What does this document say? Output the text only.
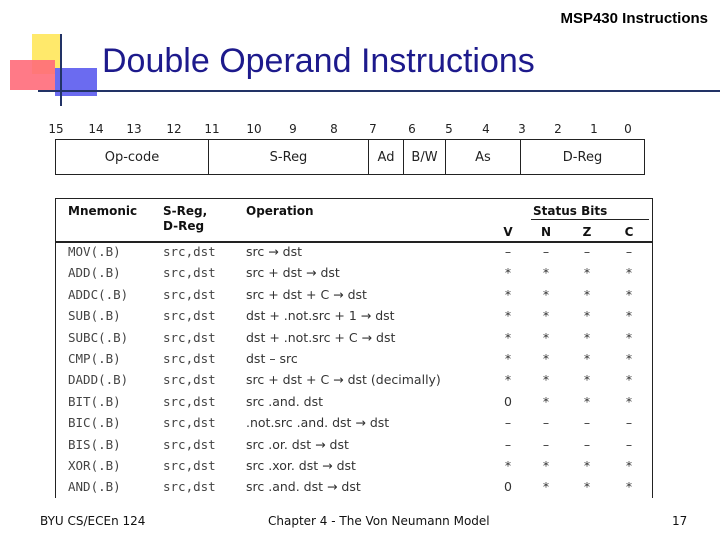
MSP430 Instructions
Double Operand Instructions
15	14	13	12	11	10	9	8	7	6	5	4	3	2	1	0
Op-code	S-Reg	Ad	B/W	As	D-Reg
Mnemonic S-Reg,
D-Reg
Operation	Status Bits
V	N	Z	C
MOV(.B)	src,dst src → dst	–	–	–	–
ADD(.B)	src,dst src + dst → dst	*	*	*	*
ADDC(.B)	src,dst src + dst + C → dst	*	*	*	*
SUB(.B)	src,dst dst + .not.src + 1 → dst	*	*	*	*
SUBC(.B)	src,dst dst + .not.src + C → dst	*	*	*	*
CMP(.B)	src,dst dst – src	*	*	*	*
DADD(.B)	src,dst src + dst + C → dst (decimally)	*	*	*	*
BIT(.B)	src,dst src .and. dst	0	*	*	*
BIC(.B)	src,dst .not.src .and. dst → dst	–	–	–	–
BIS(.B)	src,dst src .or. dst → dst	–	–	–	–
XOR(.B)	src,dst src .xor. dst → dst	*	*	*	*
AND(.B)	src,dst src .and. dst → dst	0	*	*	*
BYU CS/ECEn 124	Chapter 4 - The Von Neumann Model	17
